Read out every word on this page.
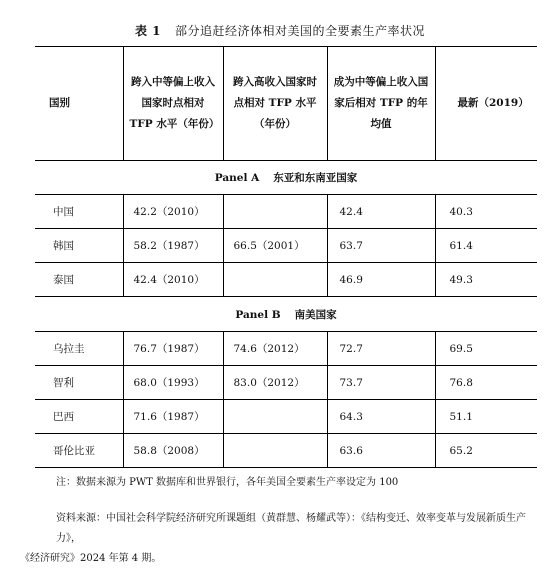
表 1 部分追赶经济体相对美国的全要素生产率状况
国别	跨入中等偏上收入国家时点相对 TFP 水平（年份）	跨入高收入国家时点相对 TFP 水平（年份）	成为中等偏上收入国家后相对 TFP 的年均值	最新（2019）
Panel A 东亚和东南亚国家				
中国	42.2（2010）		42.4	40.3
韩国	58.2（1987）	66.5（2001）	63.7	61.4
泰国	42.4（2010）		46.9	49.3
Panel B 南美国家				
乌拉圭	76.7（1987）	74.6（2012）	72.7	69.5
智利	68.0（1993）	83.0（2012）	73.7	76.8
巴西	71.6（1987）		64.3	51.1
哥伦比亚	58.8（2008）		63.6	65.2
注：数据来源为 PWT 数据库和世界银行，各年美国全要素生产率设定为 100
资料来源：中国社会科学院经济研究所课题组（黄群慧、杨耀武等）：《结构变迁、效率变革与发展新质生产力》，
《经济研究》2024 年第 4 期。
